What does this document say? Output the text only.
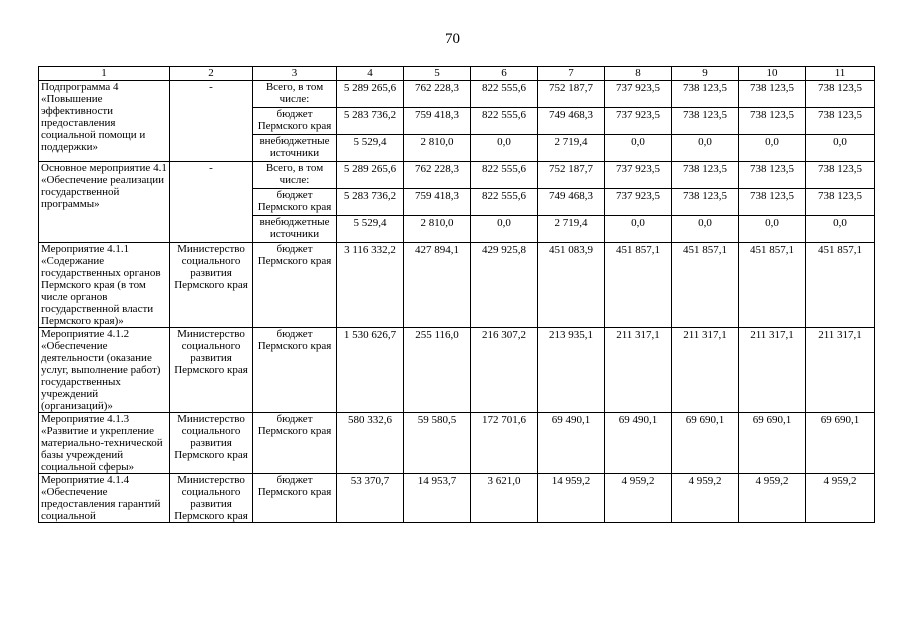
70
1	2	3	4	5	6	7	8	9	10	11
Подпрограмма 4 «Повышение эффективности предоставления социальной помощи и поддержки»	-	Всего, в том числе:	5 289 265,6	762 228,3	822 555,6	752 187,7	737 923,5	738 123,5	738 123,5	738 123,5
		бюджет Пермского края	5 283 736,2	759 418,3	822 555,6	749 468,3	737 923,5	738 123,5	738 123,5	738 123,5
		внебюджетные источники	5 529,4	2 810,0	0,0	2 719,4	0,0	0,0	0,0	0,0
Основное мероприятие 4.1 «Обеспечение реализации государственной программы»	-	Всего, в том числе:	5 289 265,6	762 228,3	822 555,6	752 187,7	737 923,5	738 123,5	738 123,5	738 123,5
		бюджет Пермского края	5 283 736,2	759 418,3	822 555,6	749 468,3	737 923,5	738 123,5	738 123,5	738 123,5
		внебюджетные источники	5 529,4	2 810,0	0,0	2 719,4	0,0	0,0	0,0	0,0
Мероприятие 4.1.1 «Содержание государственных органов Пермского края (в том числе органов государственной власти Пермского края)»	Министерство социального развития Пермского края	бюджет Пермского края	3 116 332,2	427 894,1	429 925,8	451 083,9	451 857,1	451 857,1	451 857,1	451 857,1
Мероприятие 4.1.2 «Обеспечение деятельности (оказание услуг, выполнение работ) государственных учреждений (организаций)»	Министерство социального развития Пермского края	бюджет Пермского края	1 530 626,7	255 116,0	216 307,2	213 935,1	211 317,1	211 317,1	211 317,1	211 317,1
Мероприятие 4.1.3 «Развитие и укрепление материально-технической базы учреждений социальной сферы»	Министерство социального развития Пермского края	бюджет Пермского края	580 332,6	59 580,5	172 701,6	69 490,1	69 490,1	69 690,1	69 690,1	69 690,1
Мероприятие 4.1.4 «Обеспечение предоставления гарантий социальной	Министерство социального развития Пермского края	бюджет Пермского края	53 370,7	14 953,7	3 621,0	14 959,2	4 959,2	4 959,2	4 959,2	4 959,2
